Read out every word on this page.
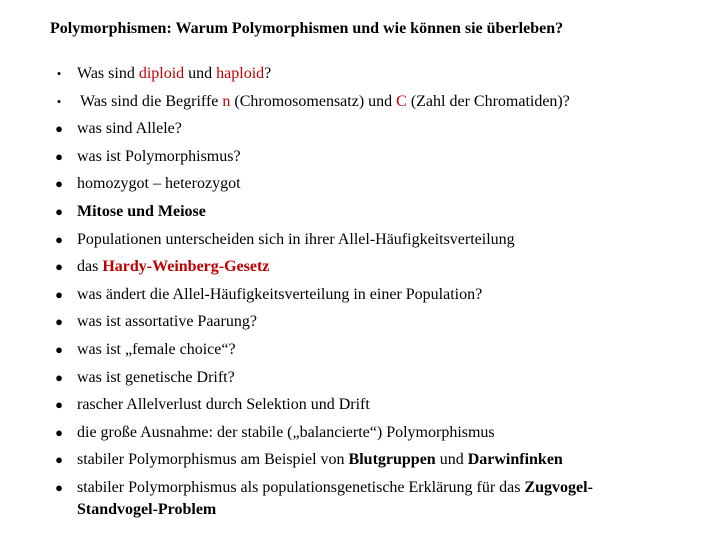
Polymorphismen: Warum Polymorphismen und wie können sie überleben?
• Was sind diploid und haploid?
• Was sind die Begriffe n (Chromosomensatz) und C (Zahl der Chromatiden)?
● was sind Allele?
● was ist Polymorphismus?
● homozygot – heterozygot
● Mitose und Meiose
● Populationen unterscheiden sich in ihrer Allel-Häufigkeitsverteilung
● das Hardy-Weinberg-Gesetz
● was ändert die Allel-Häufigkeitsverteilung in einer Population?
● was ist assortative Paarung?
● was ist „female choice“?
● was ist genetische Drift?
● rascher Allelverlust durch Selektion und Drift
● die große Ausnahme: der stabile („balancierte“) Polymorphismus
● stabiler Polymorphismus am Beispiel von Blutgruppen und Darwinfinken
● stabiler Polymorphismus als populationsgenetische Erklärung für das Zugvogel-Standvogel-Problem
